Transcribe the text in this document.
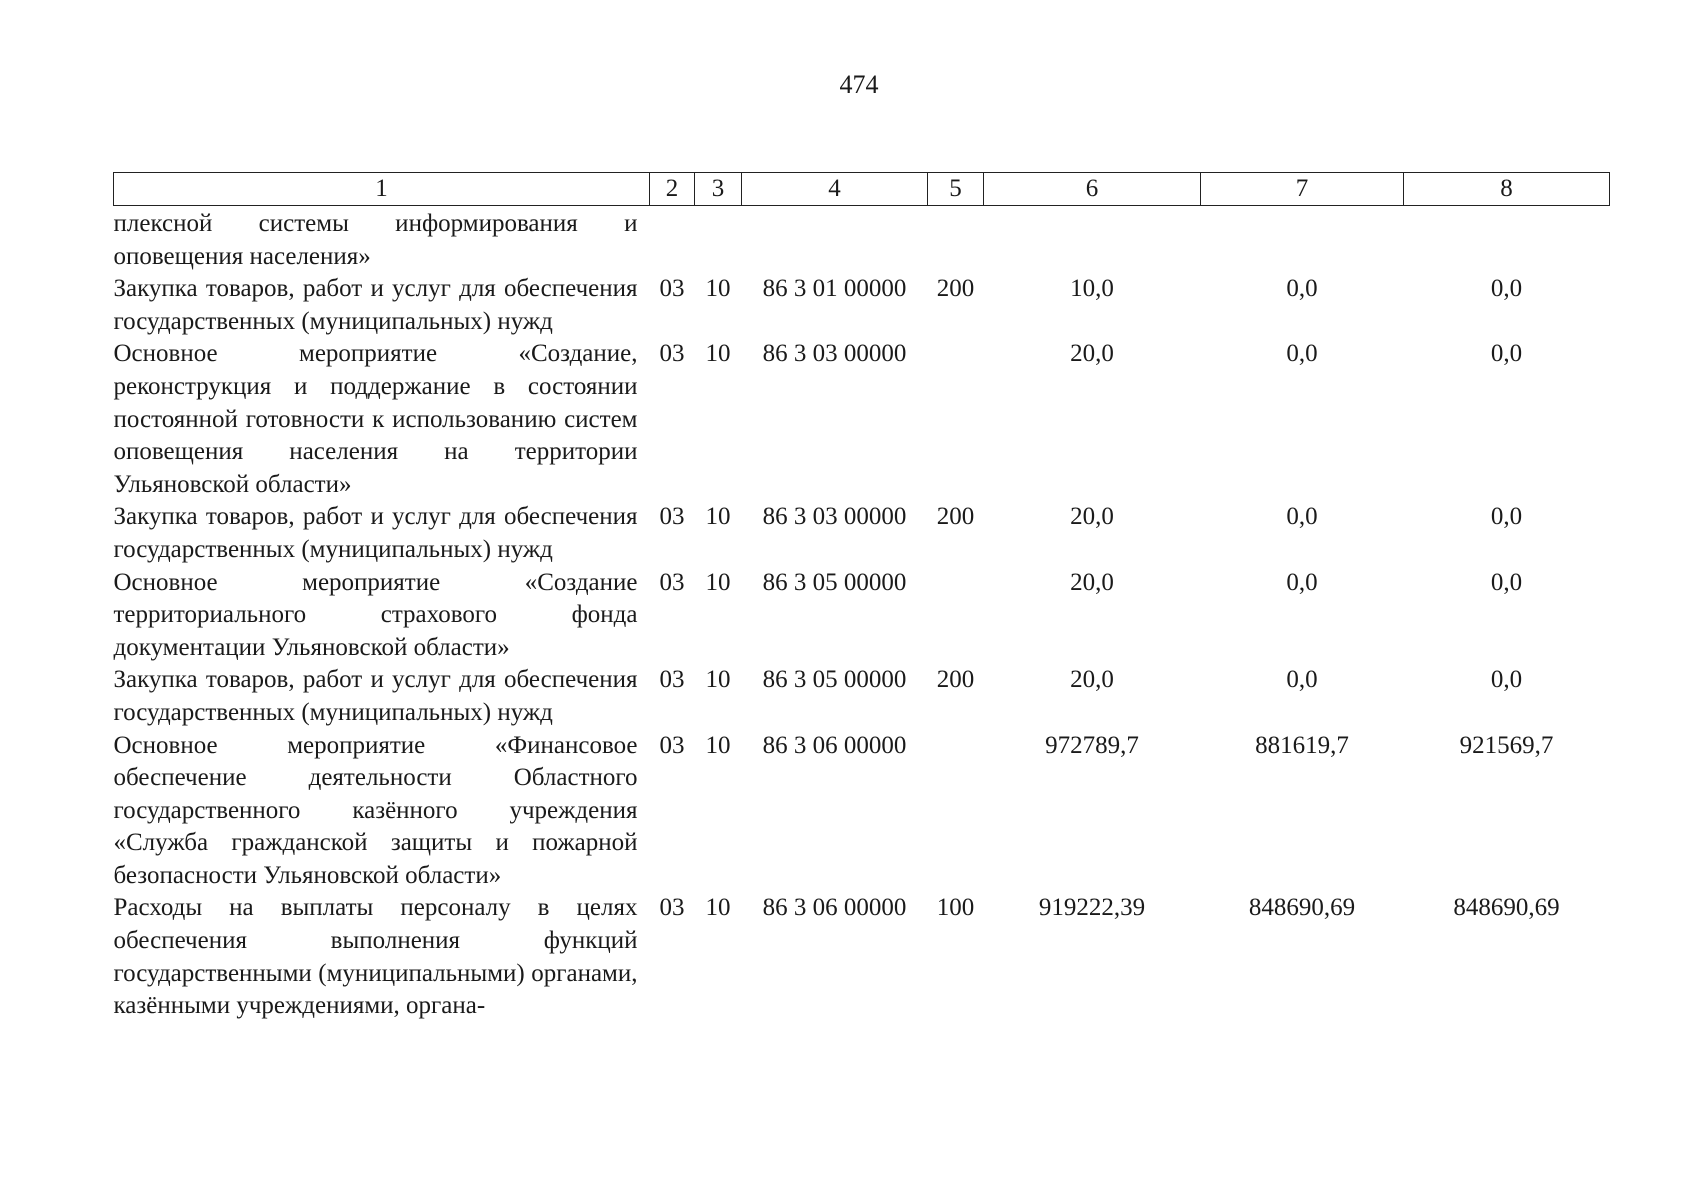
474
1	2	3	4	5	6	7	8
плексной системы информирования и оповещения населения»							
Закупка товаров, работ и услуг для обеспечения государственных (муниципальных) нужд	03	10	86 3 01 00000	200	10,0	0,0	0,0
Основное мероприятие «Создание, реконструкция и поддержание в состоянии постоянной готовности к использованию систем оповещения населения на территории Ульяновской области»	03	10	86 3 03 00000		20,0	0,0	0,0
Закупка товаров, работ и услуг для обеспечения государственных (муниципальных) нужд	03	10	86 3 03 00000	200	20,0	0,0	0,0
Основное мероприятие «Создание территориального страхового фонда документации Ульяновской области»	03	10	86 3 05 00000		20,0	0,0	0,0
Закупка товаров, работ и услуг для обеспечения государственных (муниципальных) нужд	03	10	86 3 05 00000	200	20,0	0,0	0,0
Основное мероприятие «Финансовое обеспечение деятельности Областного государственного казённого учреждения «Служба гражданской защиты и пожарной безопасности Ульяновской области»	03	10	86 3 06 00000		972789,7	881619,7	921569,7
Расходы на выплаты персоналу в целях обеспечения выполнения функций государственными (муниципальными) органами, казёнными учреждениями, органа-	03	10	86 3 06 00000	100	919222,39	848690,69	848690,69
